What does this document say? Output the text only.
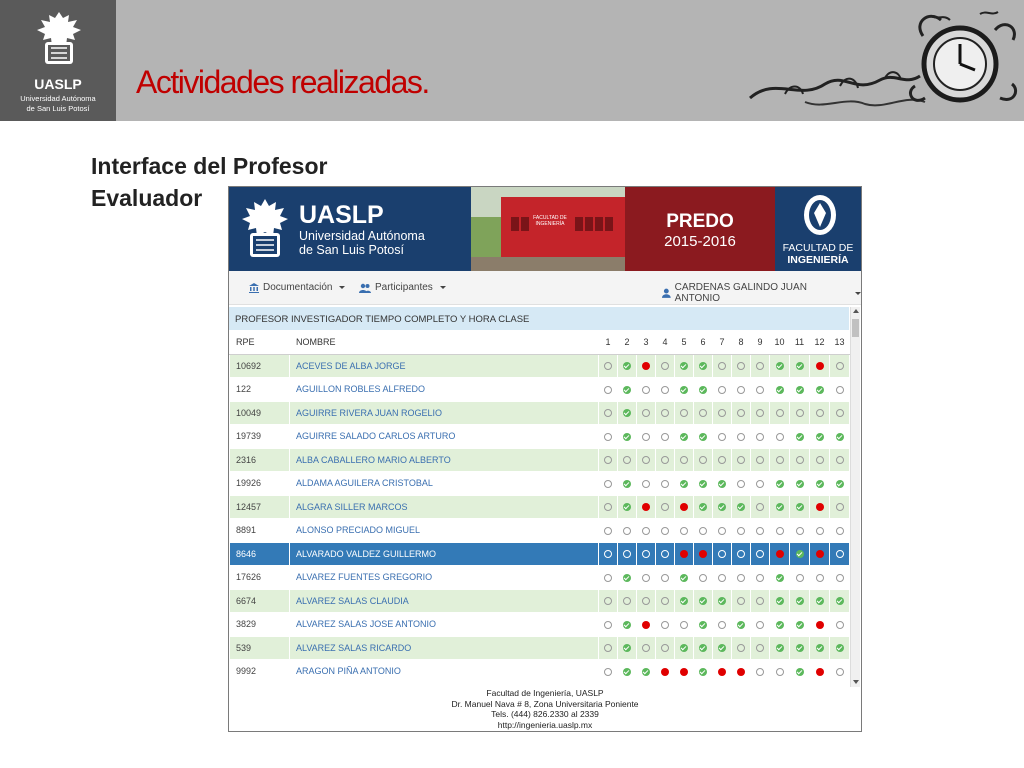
UASLP
Universidad Autónoma
de San Luis Potosí
Actividades realizadas.
Interface del Profesor
Evaluador
UASLP
Universidad Autónoma
de San Luis Potosí
FACULTAD DE INGENIERÍA	PREDO
2015-2016	FACULTAD DE
INGENIERÍA
Documentación	Participantes	CARDENAS GALINDO JUAN ANTONIO
PROFESOR INVESTIGADOR TIEMPO COMPLETO Y HORA CLASE
RPE	NOMBRE	1	2	3	4	5	6	7	8	9	10	11	12	13
10692	ACEVES DE ALBA JORGE													
122	AGUILLON ROBLES ALFREDO													
10049	AGUIRRE RIVERA JUAN ROGELIO													
19739	AGUIRRE SALADO CARLOS ARTURO													
2316	ALBA CABALLERO MARIO ALBERTO													
19926	ALDAMA AGUILERA CRISTOBAL													
12457	ALGARA SILLER MARCOS													
8891	ALONSO PRECIADO MIGUEL													
8646	ALVARADO VALDEZ GUILLERMO													
17626	ALVAREZ FUENTES GREGORIO													
6674	ALVAREZ SALAS CLAUDIA													
3829	ALVAREZ SALAS JOSE ANTONIO													
539	ALVAREZ SALAS RICARDO													
9992	ARAGON PIÑA ANTONIO													
Facultad de Ingeniería, UASLP
Dr. Manuel Nava # 8, Zona Universitaria Poniente
Tels. (444) 826.2330 al 2339
http://ingenieria.uaslp.mx
